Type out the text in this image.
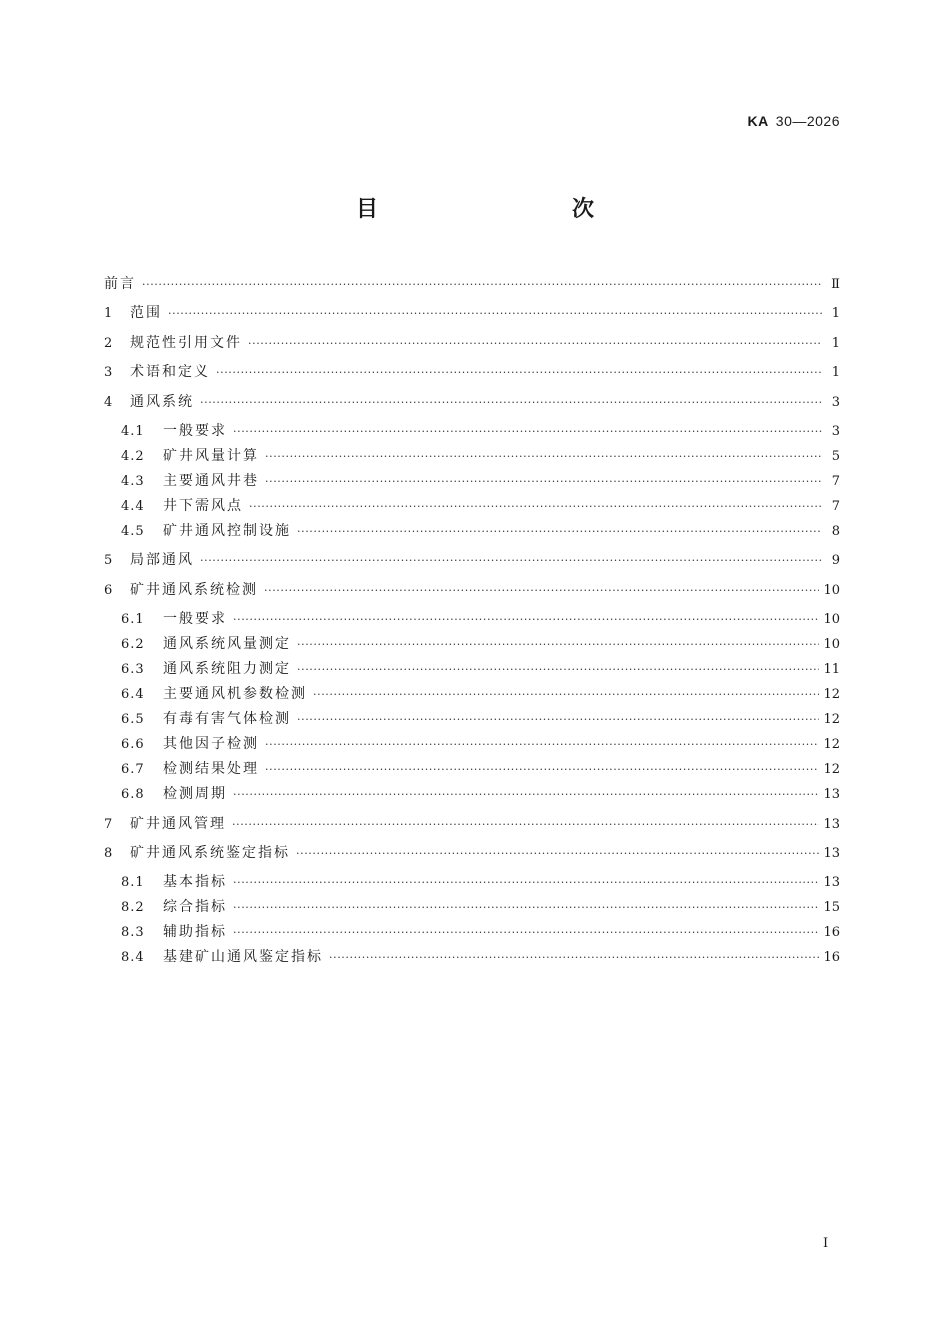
KA 30—2026
目　　次
前言 ·····	Ⅱ
1	范围 ·····	1
2	规范性引用文件 ·····	1
3	术语和定义 ·····	1
4	通风系统 ·····	3
4.1	一般要求 ·····	3
4.2	矿井风量计算 ·····	5
4.3	主要通风井巷 ·····	7
4.4	井下需风点 ·····	7
4.5	矿井通风控制设施 ·····	8
5	局部通风 ·····	9
6	矿井通风系统检测 ·····	10
6.1	一般要求 ·····	10
6.2	通风系统风量测定 ·····	10
6.3	通风系统阻力测定 ·····	11
6.4	主要通风机参数检测 ·····	12
6.5	有毒有害气体检测 ·····	12
6.6	其他因子检测 ·····	12
6.7	检测结果处理 ·····	12
6.8	检测周期 ·····	13
7	矿井通风管理 ·····	13
8	矿井通风系统鉴定指标 ·····	13
8.1	基本指标 ·····	13
8.2	综合指标 ·····	15
8.3	辅助指标 ·····	16
8.4	基建矿山通风鉴定指标 ·····	16
I
